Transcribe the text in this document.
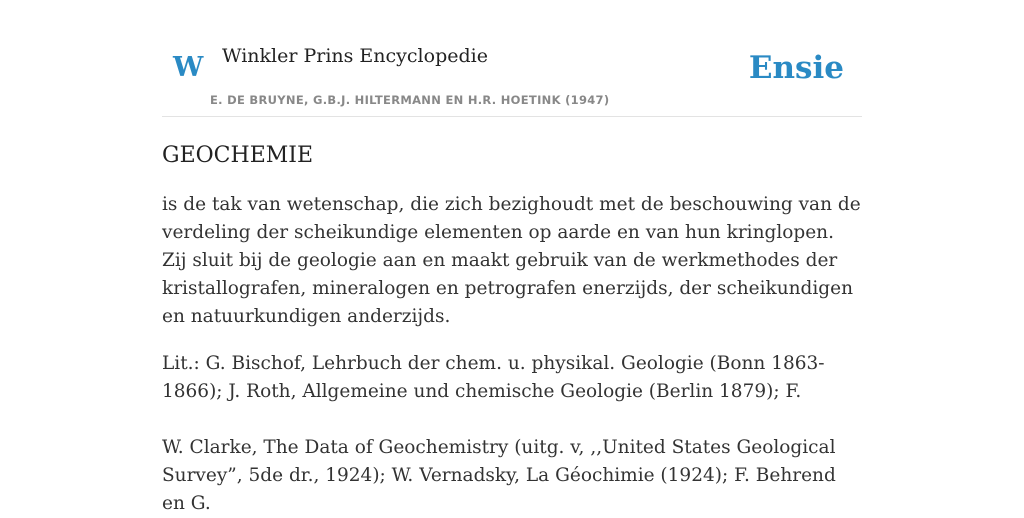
W Winkler Prins Encyclopedie
E. DE BRUYNE, G.B.J. HILTERMANN EN H.R. HOETINK (1947)
Ensie
GEOCHEMIE

is de tak van wetenschap, die zich bezighoudt met de beschouwing van de verdeling der scheikundige elementen op aarde en van hun kringlopen. Zij sluit bij de geologie aan en maakt gebruik van de werkmethodes der kristallografen, mineralogen en petrografen enerzijds, der scheikundigen en natuurkundigen anderzijds.

Lit.: G. Bischof, Lehrbuch der chem. u. physikal. Geologie (Bonn 1863-1866); J. Roth, Allgemeine und chemische Geologie (Berlin 1879); F.

W. Clarke, The Data of Geochemistry (uitg. v, ,,United States Geological Survey”, 5de dr., 1924); W. Vernadsky, La Géochimie (1924); F. Behrend en G.
